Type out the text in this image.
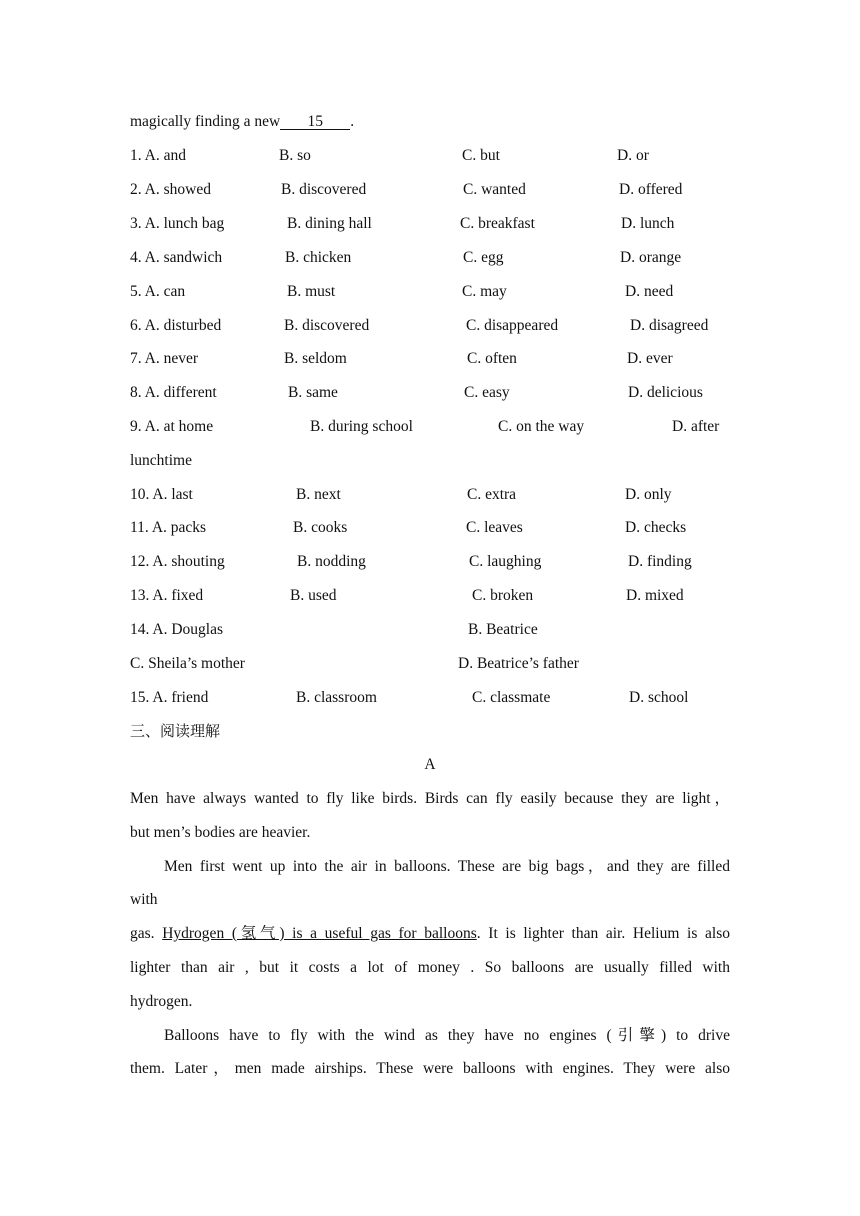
magically finding a new 15 .
1. A. and	B. so	C. but	D. or
2. A. showed	B. discovered	C. wanted	D. offered
3. A. lunch bag	B. dining hall	C. breakfast	D. lunch
4. A. sandwich	B. chicken	C. egg	D. orange
5. A. can	B. must	C. may	D. need
6. A. disturbed	B. discovered	C. disappeared	D. disagreed
7. A. never	B. seldom	C. often	D. ever
8. A. different	B. same	C. easy	D. delicious
9. A. at home	B. during school	C. on the way	D. after
lunchtime
10. A. last	B. next	C. extra	D. only
11. A. packs	B. cooks	C. leaves	D. checks
12. A. shouting	B. nodding	C. laughing	D. finding
13. A. fixed	B. used	C. broken	D. mixed
14. A. Douglas	B. Beatrice
C. Sheila’s mother	D. Beatrice’s father
15. A. friend	B. classroom	C. classmate	D. school
三、阅读理解
A
Men have always wanted to fly like birds. Birds can fly easily because they are light，
but men’s bodies are heavier.
Men first went up into the air in balloons. These are big bags，and they are filled
with
gas. Hydrogen (氢气) is a useful gas for balloons. It is lighter than air. Helium is also
lighter than air , but it costs a lot of money . So balloons are usually filled with
hydrogen.
Balloons have to fly with the wind as they have no engines (引擎) to drive
them. Later，men made airships. These were balloons with engines. They were also
